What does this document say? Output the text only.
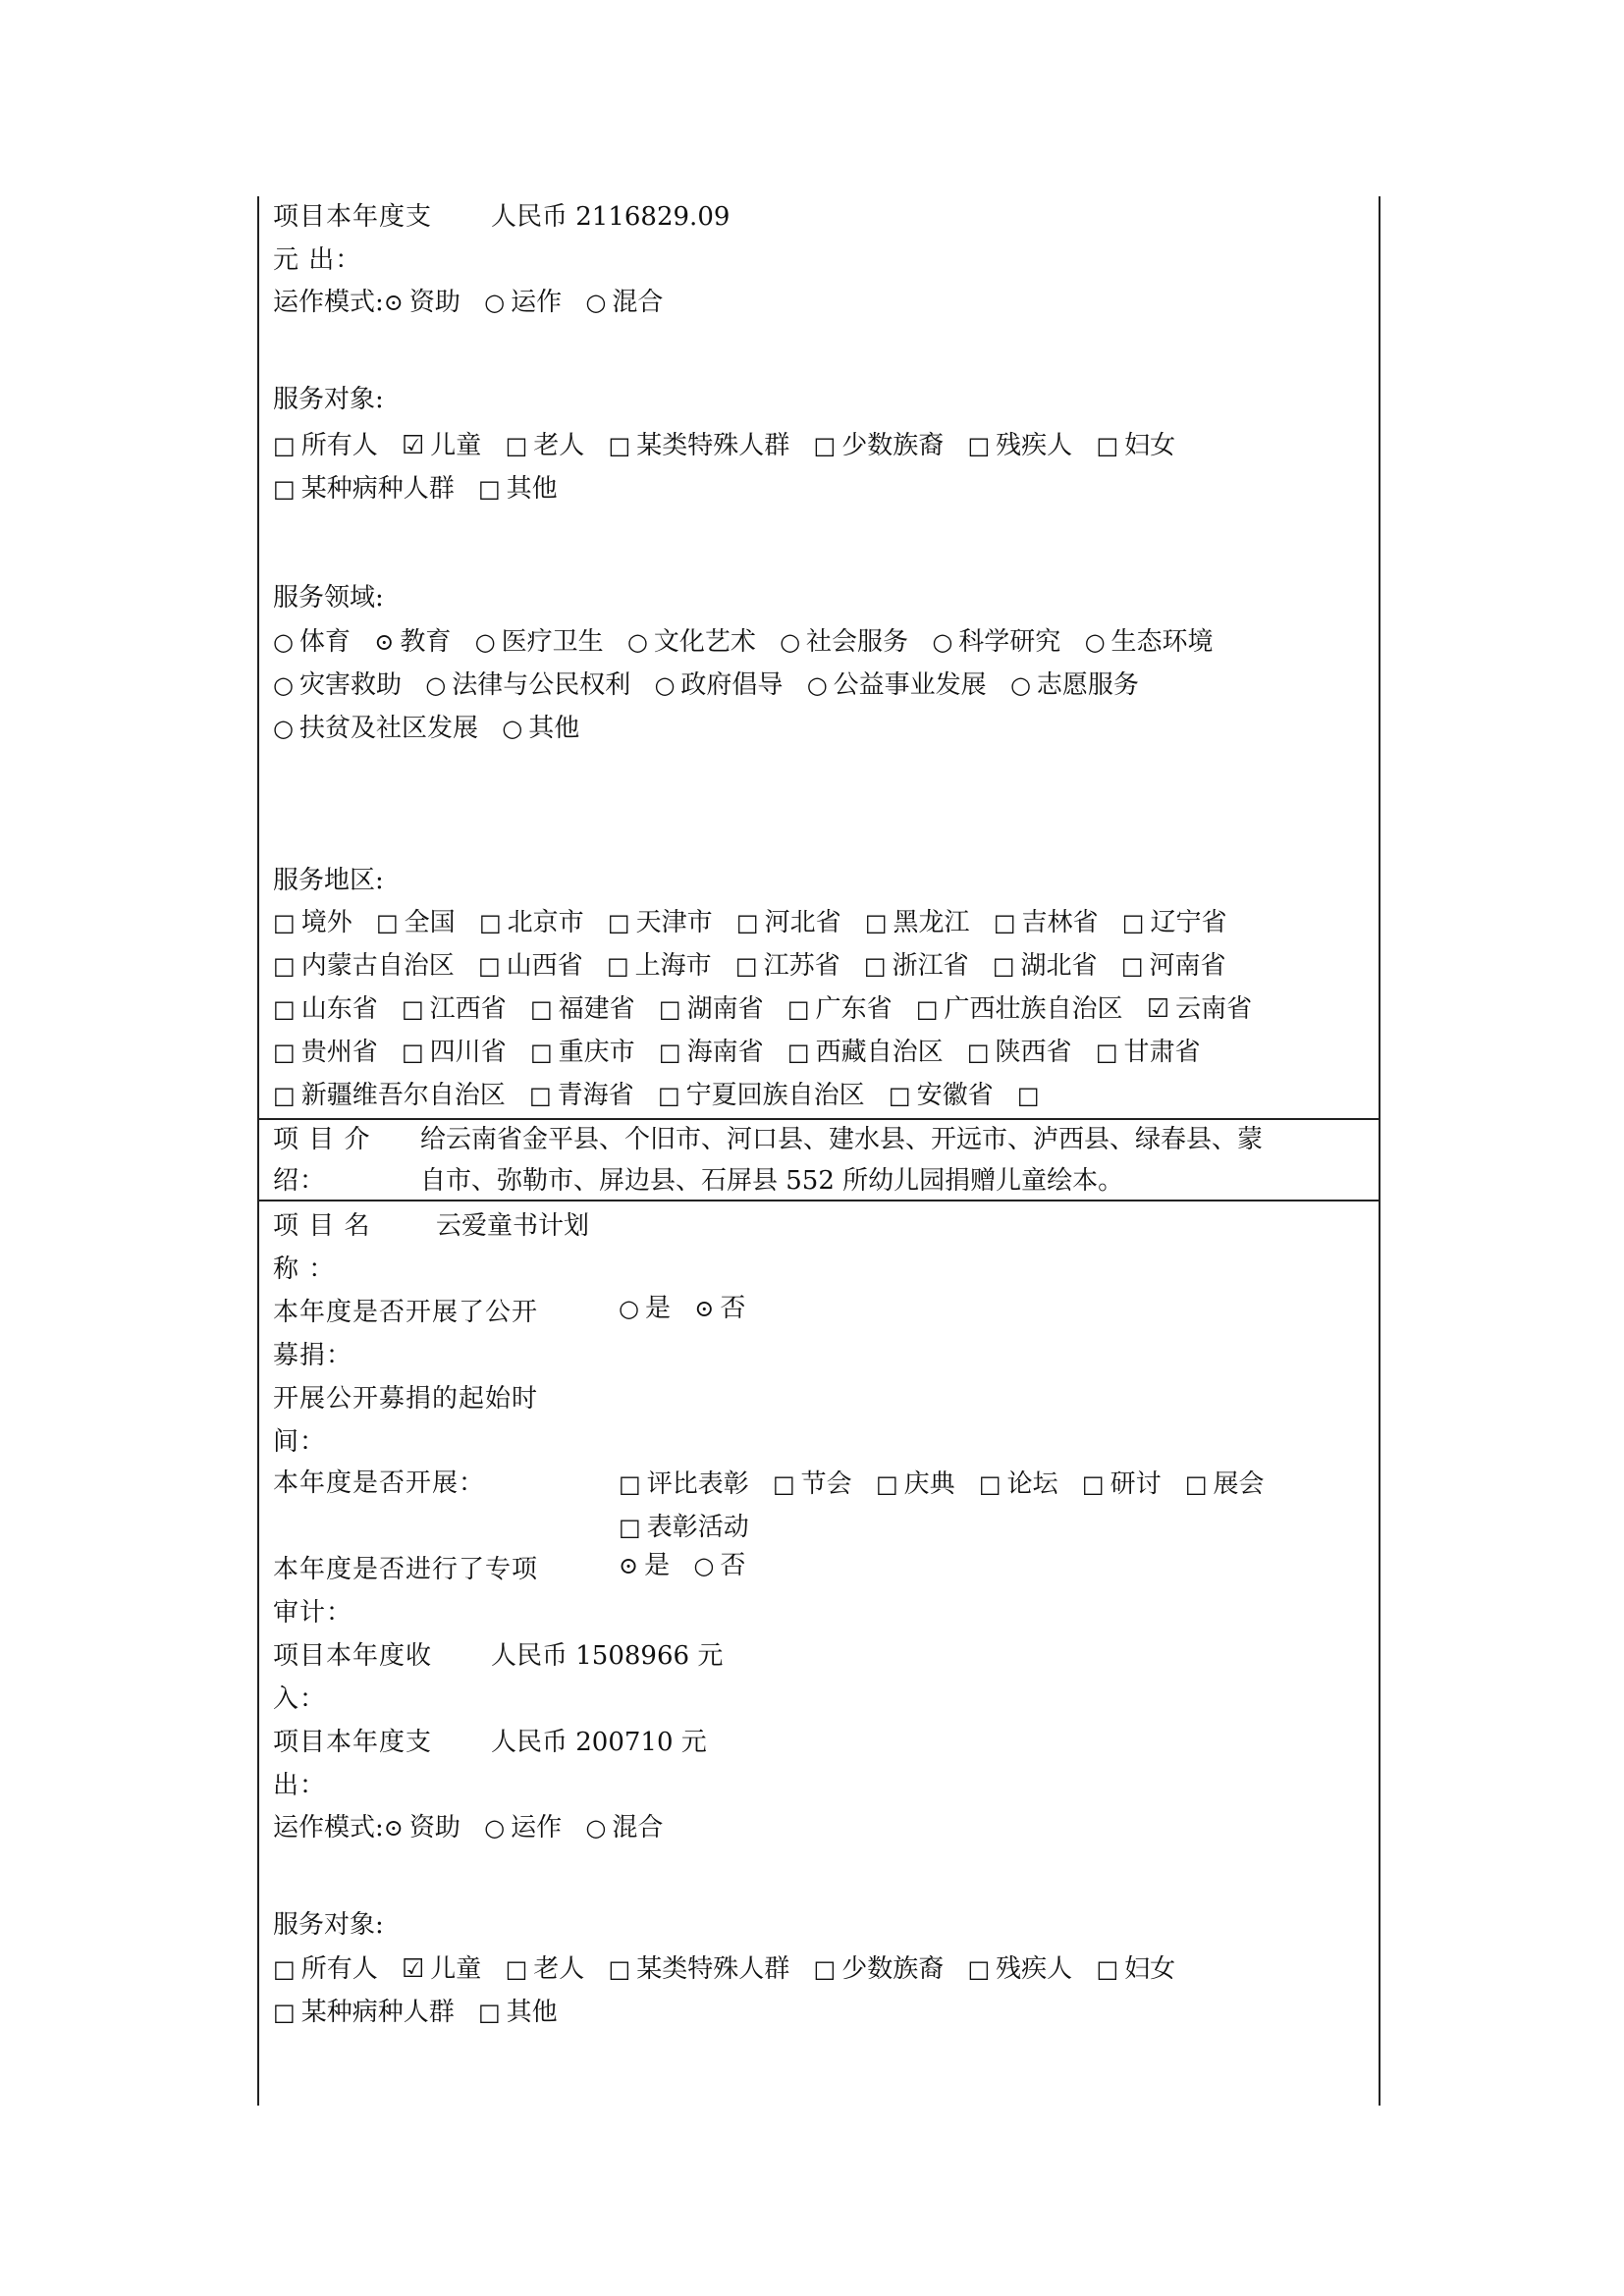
项目本年度支 人民币 2116829.09
元 出：
运作模式:⊙ 资助 ○ 运作 ○ 混合
服务对象:
□ 所有人 ☑ 儿童 □ 老人 □ 某类特殊人群 □ 少数族裔 □ 残疾人 □ 妇女 □ 某种病种人群 □ 其他
服务领域:
○ 体育 ⊙ 教育 ○ 医疗卫生 ○ 文化艺术 ○ 社会服务 ○ 科学研究 ○ 生态环境 ○ 灾害救助 ○ 法律与公民权利 ○ 政府倡导 ○ 公益事业发展 ○ 志愿服务 ○ 扶贫及社区发展 ○ 其他
服务地区:
□ 境外 □ 全国 □ 北京市 □ 天津市 □ 河北省 □ 黑龙江 □ 吉林省 □ 辽宁省 □ 内蒙古自治区 □ 山西省 □ 上海市 □ 江苏省 □ 浙江省 □ 湖北省 □ 河南省 □ 山东省 □ 江西省 □ 福建省 □ 湖南省 □ 广东省 □ 广西壮族自治区 ☑ 云南省 □ 贵州省 □ 四川省 □ 重庆市 □ 海南省 □ 西藏自治区 □ 陕西省 □ 甘肃省 □ 新疆维吾尔自治区 □ 青海省 □ 宁夏回族自治区 □ 安徽省 □
项 目 介
绍：
给云南省金平县、个旧市、河口县、建水县、开远市、泸西县、绿春县、蒙
自市、弥勒市、屏边县、石屏县 552 所幼儿园捐赠儿童绘本。
项 目 名	云爱童书计划
称 ：
本年度是否开展了公开	○ 是 ⊙ 否
募捐：
开展公开募捐的起始时
间：
本年度是否开展：	□ 评比表彰 □ 节会 □ 庆典 □ 论坛 □ 研讨 □ 展会 □ 表彰活动
本年度是否进行了专项	⊙ 是 ○ 否
审计：
项目本年度收 人民币 1508966 元
入：
项目本年度支 人民币 200710 元
出：
运作模式:⊙ 资助 ○ 运作 ○ 混合
服务对象:
□ 所有人 ☑ 儿童 □ 老人 □ 某类特殊人群 □ 少数族裔 □ 残疾人 □ 妇女 □ 某种病种人群 □ 其他
